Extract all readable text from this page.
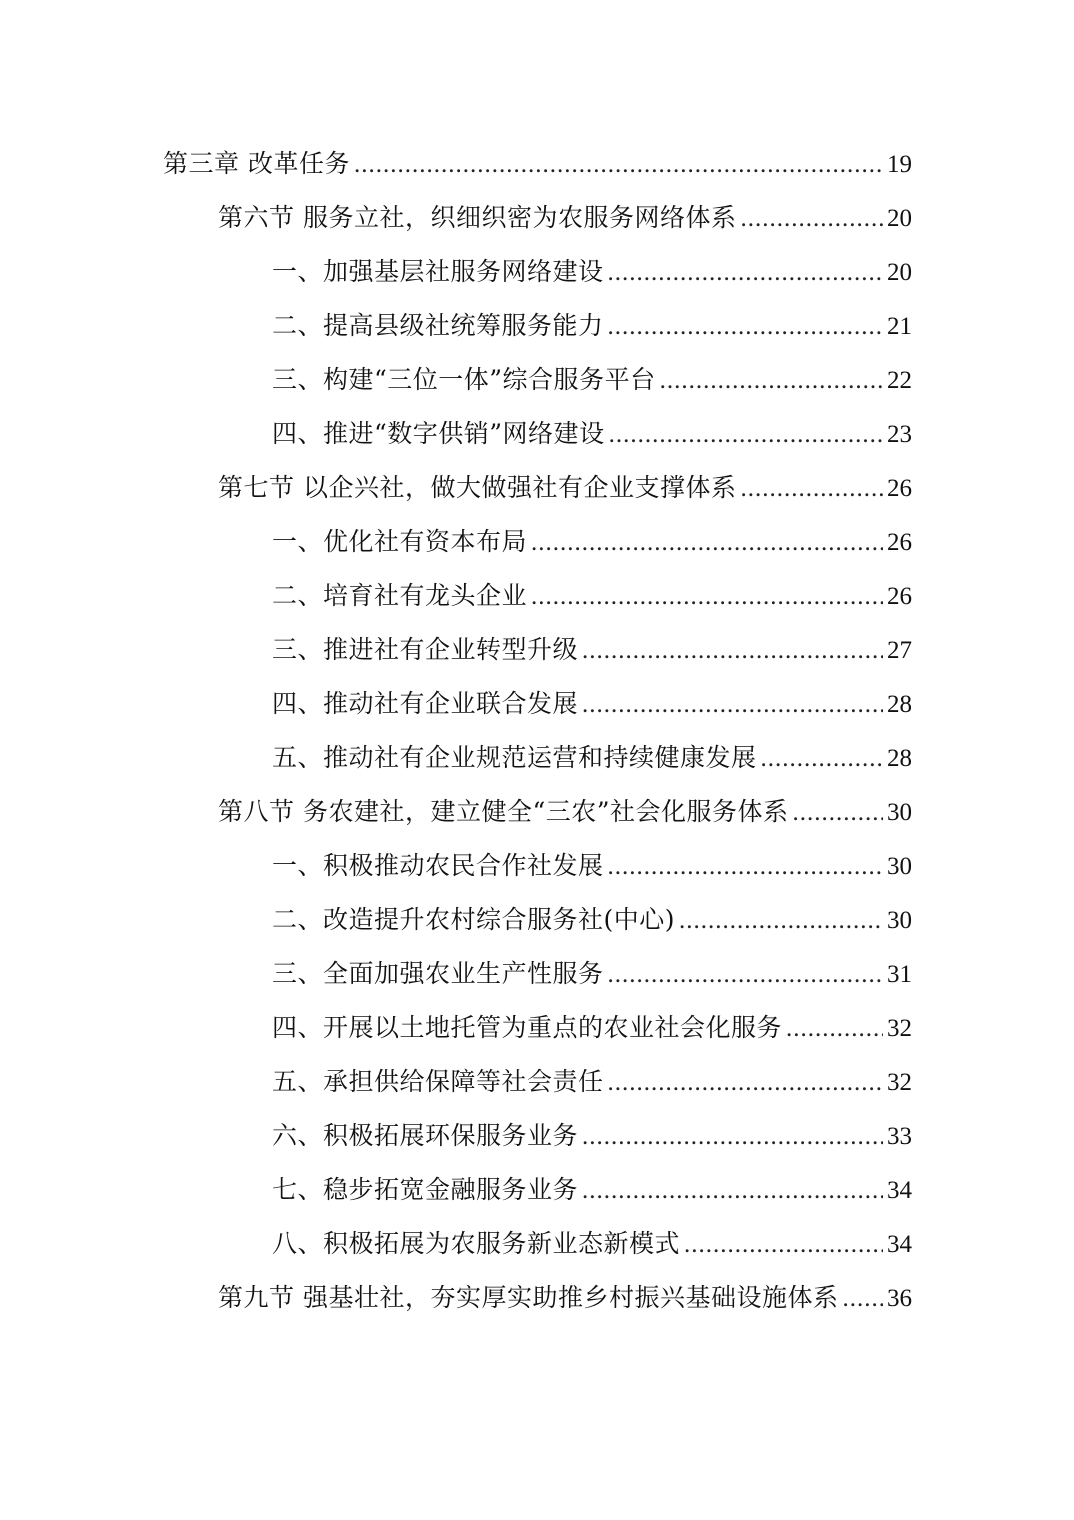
第三章 改革任务 .....	19
第六节 服务立社，织细织密为农服务网络体系 .....	20
一、加强基层社服务网络建设 .....	20
二、提高县级社统筹服务能力 .....	21
三、构建“三位一体”综合服务平台 .....	22
四、推进“数字供销”网络建设 .....	23
第七节 以企兴社，做大做强社有企业支撑体系 .....	26
一、优化社有资本布局 .....	26
二、培育社有龙头企业 .....	26
三、推进社有企业转型升级 .....	27
四、推动社有企业联合发展 .....	28
五、推动社有企业规范运营和持续健康发展 .....	28
第八节 务农建社，建立健全“三农”社会化服务体系 .....	30
一、积极推动农民合作社发展 .....	30
二、改造提升农村综合服务社(中心) .....	30
三、全面加强农业生产性服务 .....	31
四、开展以土地托管为重点的农业社会化服务 .....	32
五、承担供给保障等社会责任 .....	32
六、积极拓展环保服务业务 .....	33
七、稳步拓宽金融服务业务 .....	34
八、积极拓展为农服务新业态新模式 .....	34
第九节 强基壮社，夯实厚实助推乡村振兴基础设施体系 ..... 36
